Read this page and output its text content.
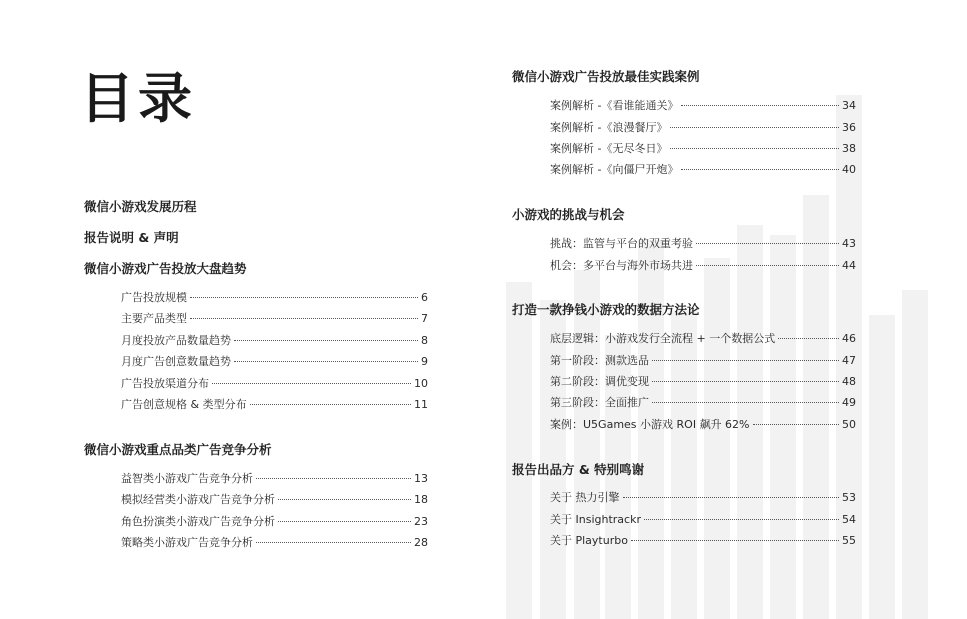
目录
微信小游戏发展历程
报告说明 & 声明
微信小游戏广告投放大盘趋势
广告投放规模	6
主要产品类型	7
月度投放产品数量趋势	8
月度广告创意数量趋势	9
广告投放渠道分布	10
广告创意规格 & 类型分布	11
微信小游戏重点品类广告竞争分析
益智类小游戏广告竞争分析	13
模拟经营类小游戏广告竞争分析	18
角色扮演类小游戏广告竞争分析	23
策略类小游戏广告竞争分析	28
微信小游戏广告投放最佳实践案例
案例解析 -《看谁能通关》	34
案例解析 -《浪漫餐厅》	36
案例解析 -《无尽冬日》	38
案例解析 -《向僵尸开炮》	40
小游戏的挑战与机会
挑战：监管与平台的双重考验	43
机会：多平台与海外市场共进	44
打造一款挣钱小游戏的数据方法论
底层逻辑：小游戏发行全流程 + 一个数据公式	46
第一阶段：测款选品	47
第二阶段：调优变现	48
第三阶段：全面推广	49
案例：U5Games 小游戏 ROI 飙升 62%	50
报告出品方 & 特别鸣谢
关于 热力引擎	53
关于 Insightrackr	54
关于 Playturbo	55
